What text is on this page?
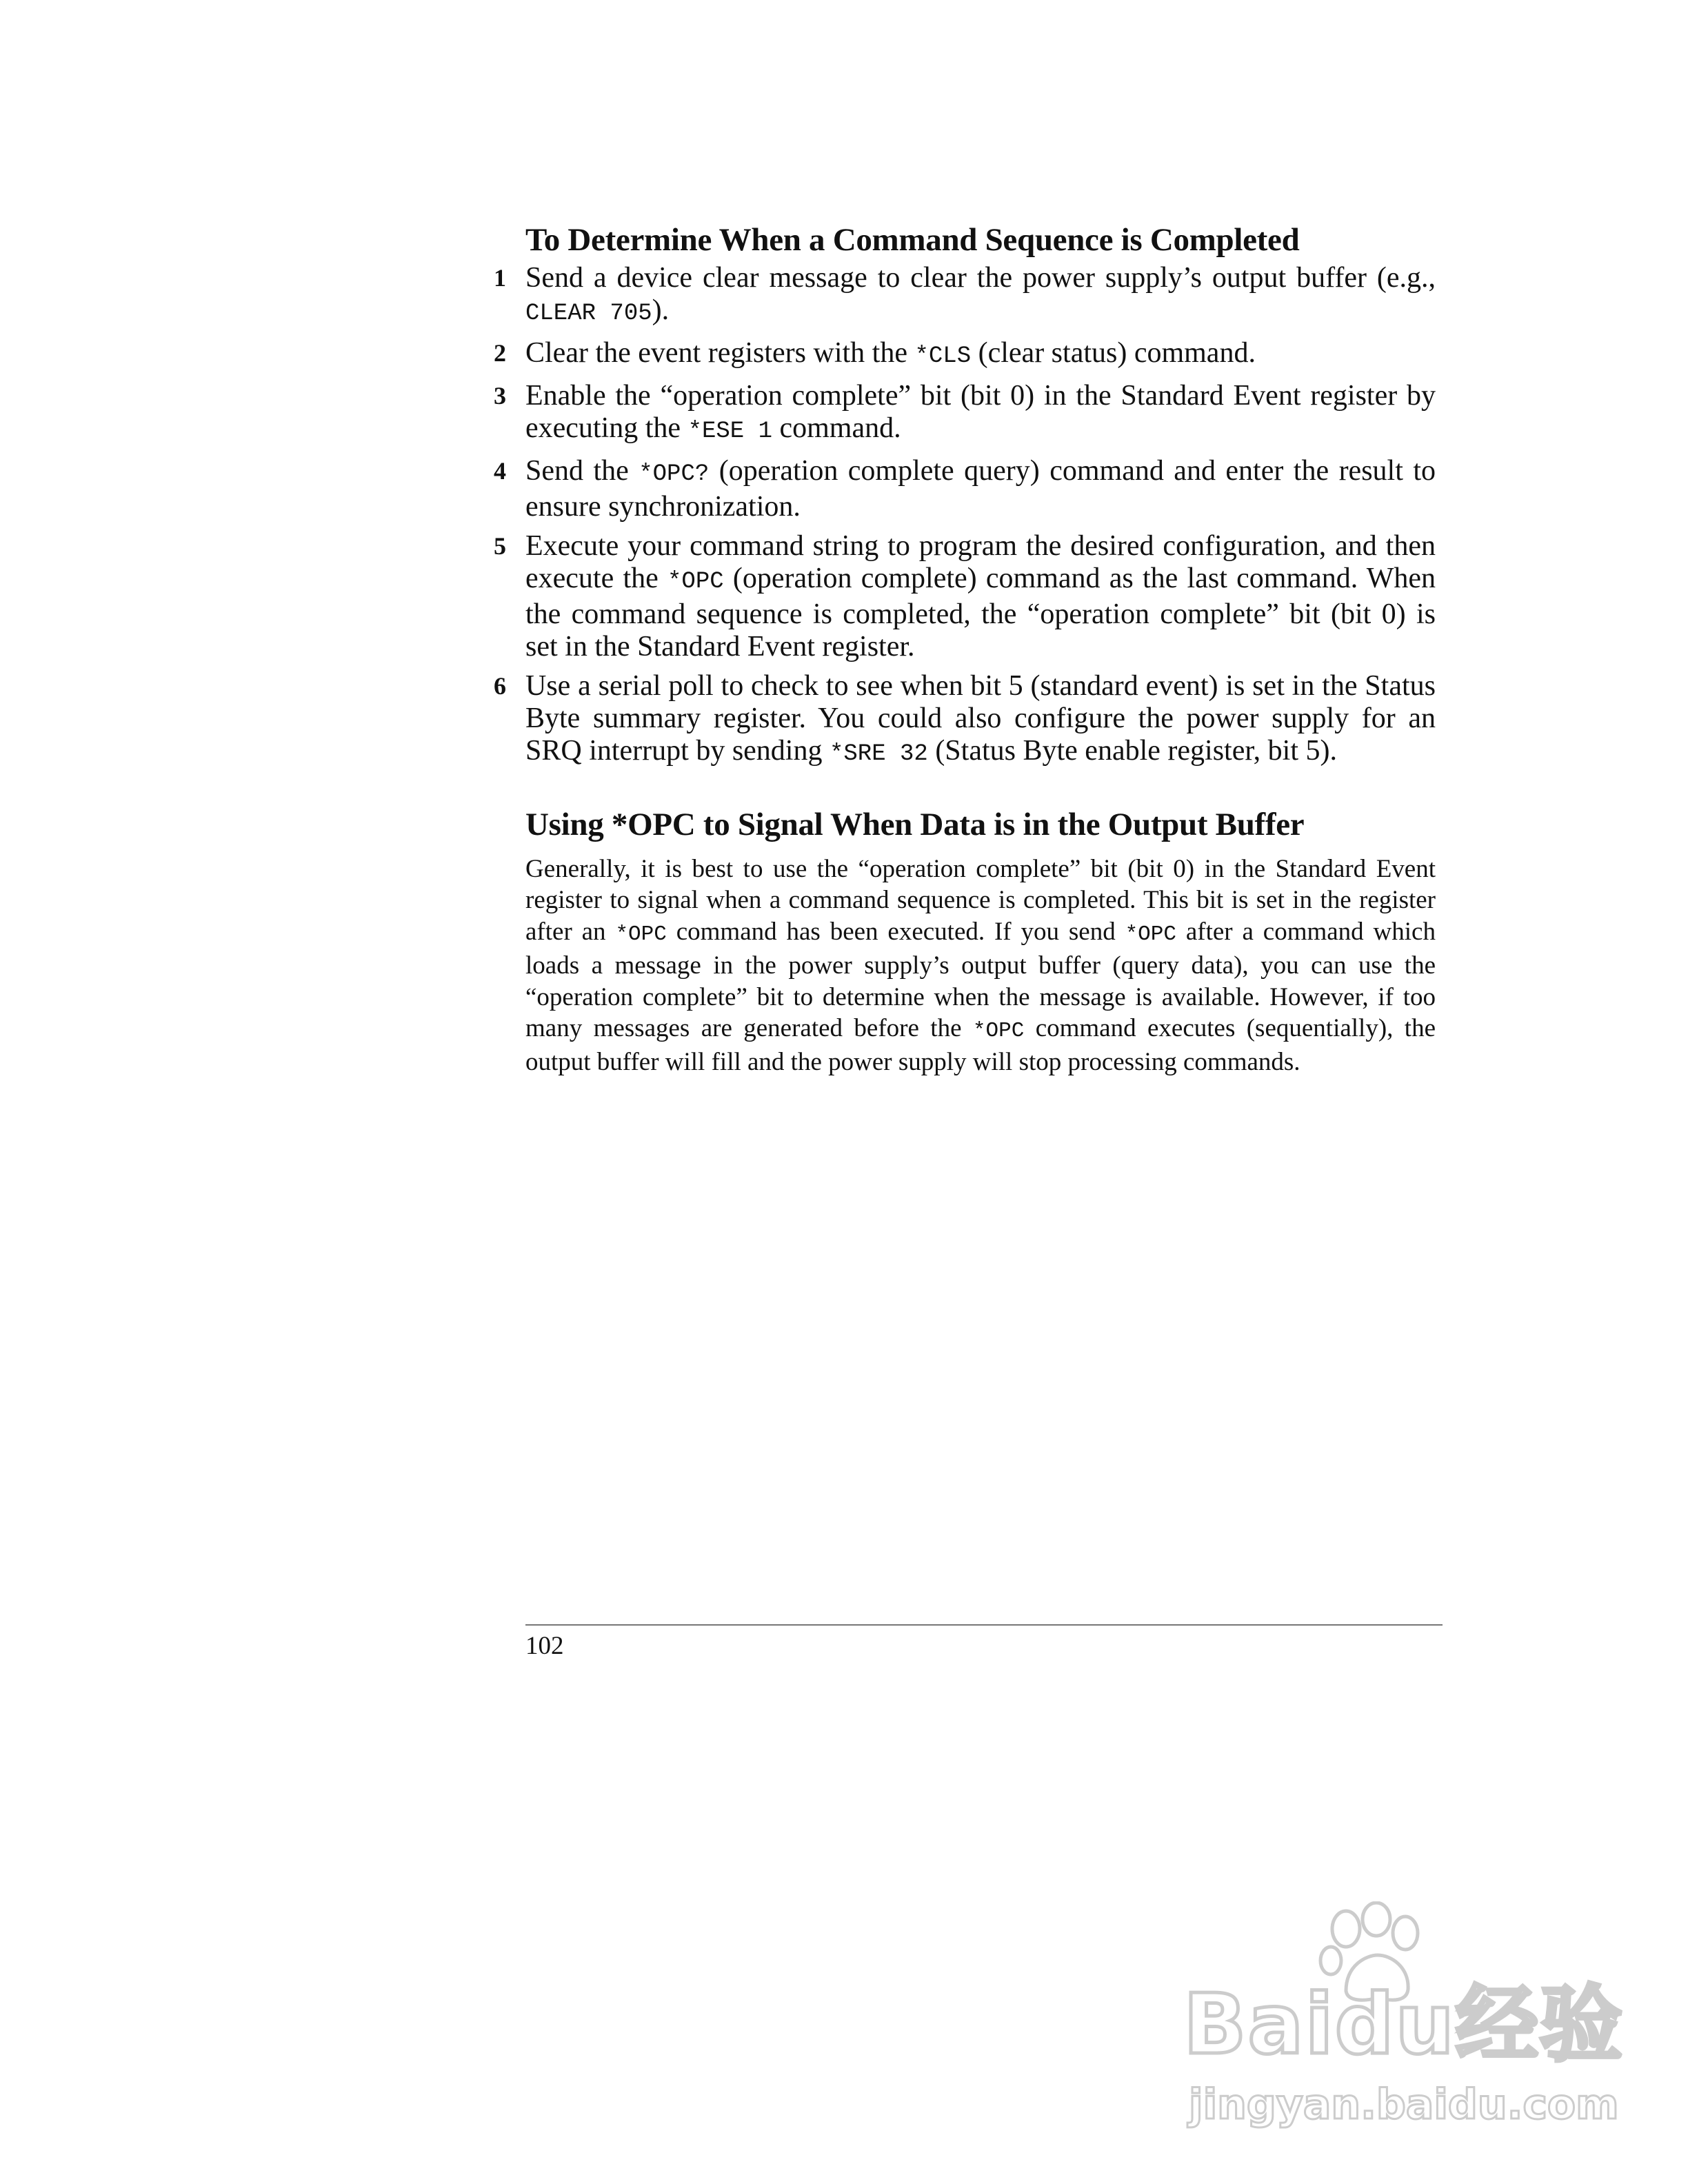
To Determine When a Command Sequence is Completed
1 Send a device clear message to clear the power supply’s output buffer (e.g., CLEAR 705).
2 Clear the event registers with the *CLS (clear status) command.
3 Enable the “operation complete” bit (bit 0) in the Standard Event register by executing the *ESE 1 command.
4 Send the *OPC? (operation complete query) command and enter the result to ensure synchronization.
5 Execute your command string to program the desired configuration, and then execute the *OPC (operation complete) command as the last command. When the command sequence is completed, the “operation complete” bit (bit 0) is set in the Standard Event register.
6 Use a serial poll to check to see when bit 5 (standard event) is set in the Status Byte summary register. You could also configure the power supply for an SRQ interrupt by sending *SRE 32 (Status Byte enable register, bit 5).
Using *OPC to Signal When Data is in the Output Buffer

Generally, it is best to use the “operation complete” bit (bit 0) in the Standard Event register to signal when a command sequence is completed. This bit is set in the register after an *OPC command has been executed. If you send *OPC after a command which loads a message in the power supply’s output buffer (query data), you can use the “operation complete” bit to determine when the message is available. However, if too many messages are generated before the *OPC command executes (sequentially), the output buffer will fill and the power supply will stop processing commands.

102
Baidu经验
jingyan.baidu.com
